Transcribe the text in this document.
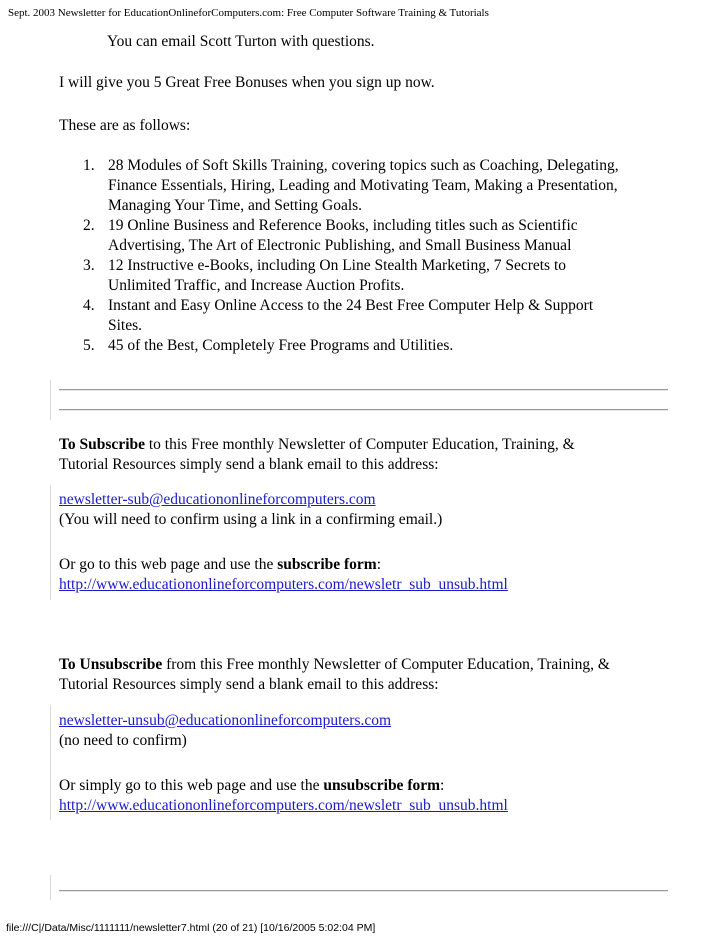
Sept. 2003 Newsletter for EducationOnlineforComputers.com: Free Computer Software Training & Tutorials
You can email Scott Turton with questions.
I will give you 5 Great Free Bonuses when you sign up now.
These are as follows:
1. 28 Modules of Soft Skills Training, covering topics such as Coaching, Delegating,
Finance Essentials, Hiring, Leading and Motivating Team, Making a Presentation,
Managing Your Time, and Setting Goals.
2. 19 Online Business and Reference Books, including titles such as Scientific
Advertising, The Art of Electronic Publishing, and Small Business Manual
3. 12 Instructive e-Books, including On Line Stealth Marketing, 7 Secrets to
Unlimited Traffic, and Increase Auction Profits.
4. Instant and Easy Online Access to the 24 Best Free Computer Help & Support
Sites.
5. 45 of the Best, Completely Free Programs and Utilities.
To Subscribe to this Free monthly Newsletter of Computer Education, Training, &
Tutorial Resources simply send a blank email to this address:
newsletter-sub@educationonlineforcomputers.com
(You will need to confirm using a link in a confirming email.)
Or go to this web page and use the subscribe form:
http://www.educationonlineforcomputers.com/newsletr_sub_unsub.html
To Unsubscribe from this Free monthly Newsletter of Computer Education, Training, &
Tutorial Resources simply send a blank email to this address:
newsletter-unsub@educationonlineforcomputers.com
(no need to confirm)
Or simply go to this web page and use the unsubscribe form:
http://www.educationonlineforcomputers.com/newsletr_sub_unsub.html
file:///C|/Data/Misc/1111111/newsletter7.html (20 of 21) [10/16/2005 5:02:04 PM]
